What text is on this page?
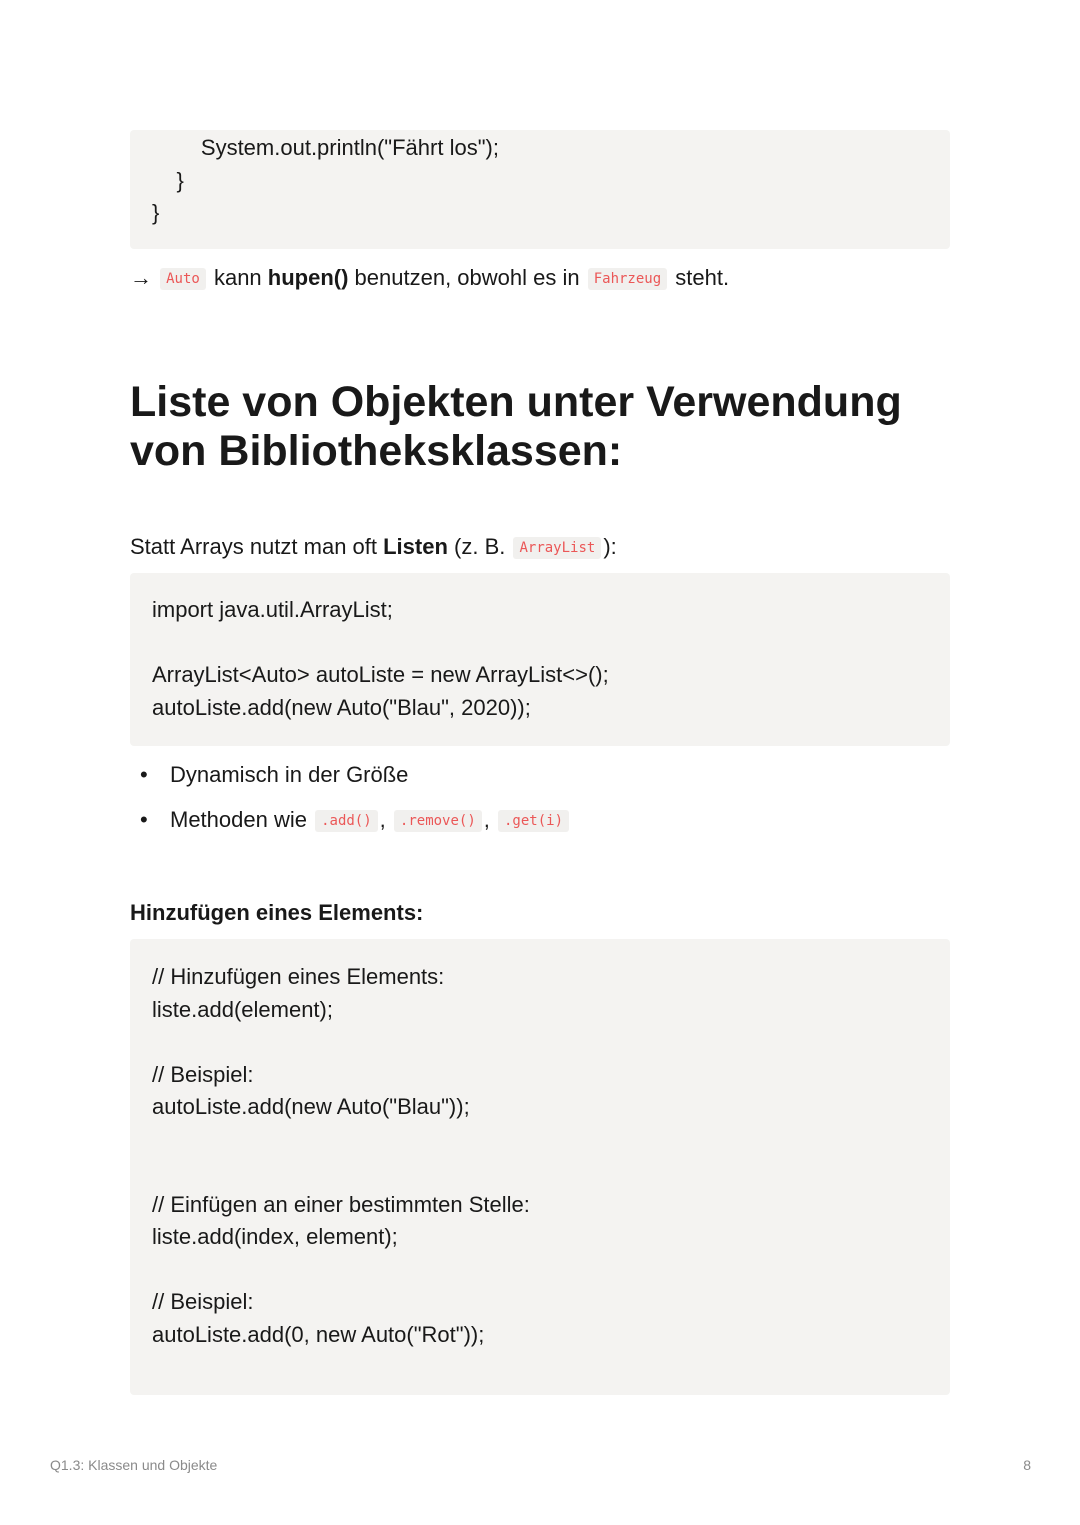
System.out.println("Fährt los");
}
}
→ Auto kann hupen() benutzen, obwohl es in Fahrzeug steht.
Liste von Objekten unter Verwendung von Bibliotheksklassen:
Statt Arrays nutzt man oft Listen (z. B. ArrayList ):
import java.util.ArrayList;
ArrayList<Auto> autoListe = new ArrayList<>();
autoListe.add(new Auto("Blau", 2020));
• Dynamisch in der Größe
• Methoden wie .add() , .remove() , .get(i)
Hinzufügen eines Elements:
// Hinzufügen eines Elements:
liste.add(element);
// Beispiel:
autoListe.add(new Auto("Blau"));
// Einfügen an einer bestimmten Stelle:
liste.add(index, element);
// Beispiel:
autoListe.add(0, new Auto("Rot"));
Q1.3: Klassen und Objekte	8
